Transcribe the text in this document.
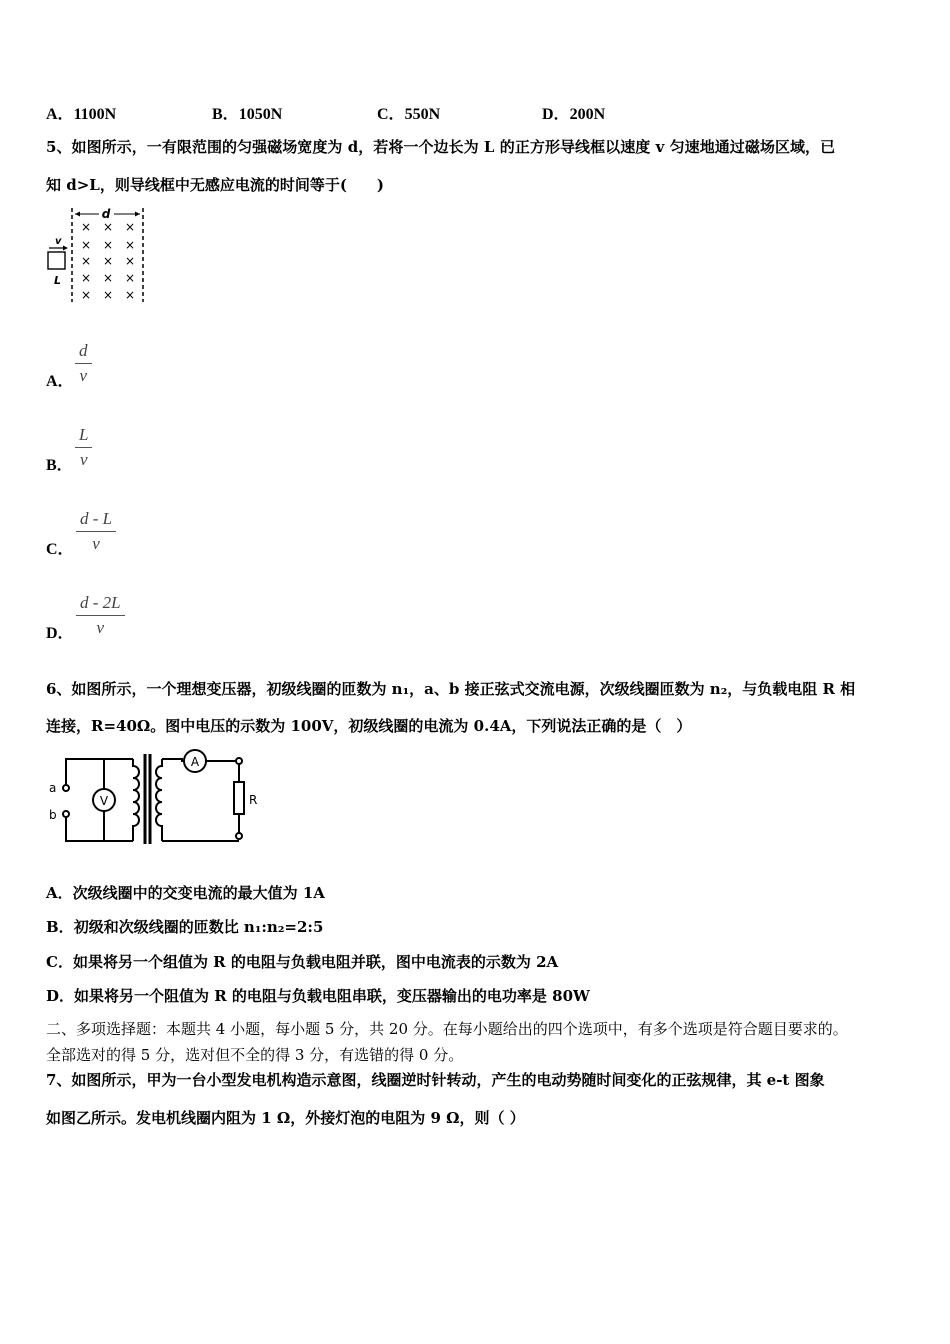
A．1100N	B．1050N	C．550N	D．200N
5、如图所示，一有限范围的匀强磁场宽度为 d，若将一个边长为 L 的正方形导线框以速度 v 匀速地通过磁场区域，已
知 d>L，则导线框中无感应电流的时间等于(　　)
d
v
L
× × ×
× × ×
× × ×
× × ×
× × ×
A． $\frac{d}{v}$
B． $\frac{L}{v}$
C． $\frac{d - L}{v}$
D． $\frac{d - 2L}{v}$
6、如图所示，一个理想变压器，初级线圈的匝数为 n₁，a、b 接正弦式交流电源，次级线圈匝数为 n₂，与负载电阻 R 相
连接，R=40Ω。图中电压的示数为 100V，初级线圈的电流为 0.4A，下列说法正确的是（　）
a
b
V
A
R
A．次级线圈中的交变电流的最大值为 1A
B．初级和次级线圈的匝数比 n₁:n₂=2:5
C．如果将另一个组值为 R 的电阻与负载电阻并联，图中电流表的示数为 2A
D．如果将另一个阻值为 R 的电阻与负载电阻串联，变压器输出的电功率是 80W
二、多项选择题：本题共 4 小题，每小题 5 分，共 20 分。在每小题给出的四个选项中，有多个选项是符合题目要求的。
全部选对的得 5 分，选对但不全的得 3 分，有选错的得 0 分。
7、如图所示，甲为一台小型发电机构造示意图，线圈逆时针转动，产生的电动势随时间变化的正弦规律，其 e-t 图象
如图乙所示。发电机线圈内阻为 1 Ω，外接灯泡的电阻为 9 Ω，则（ ）
